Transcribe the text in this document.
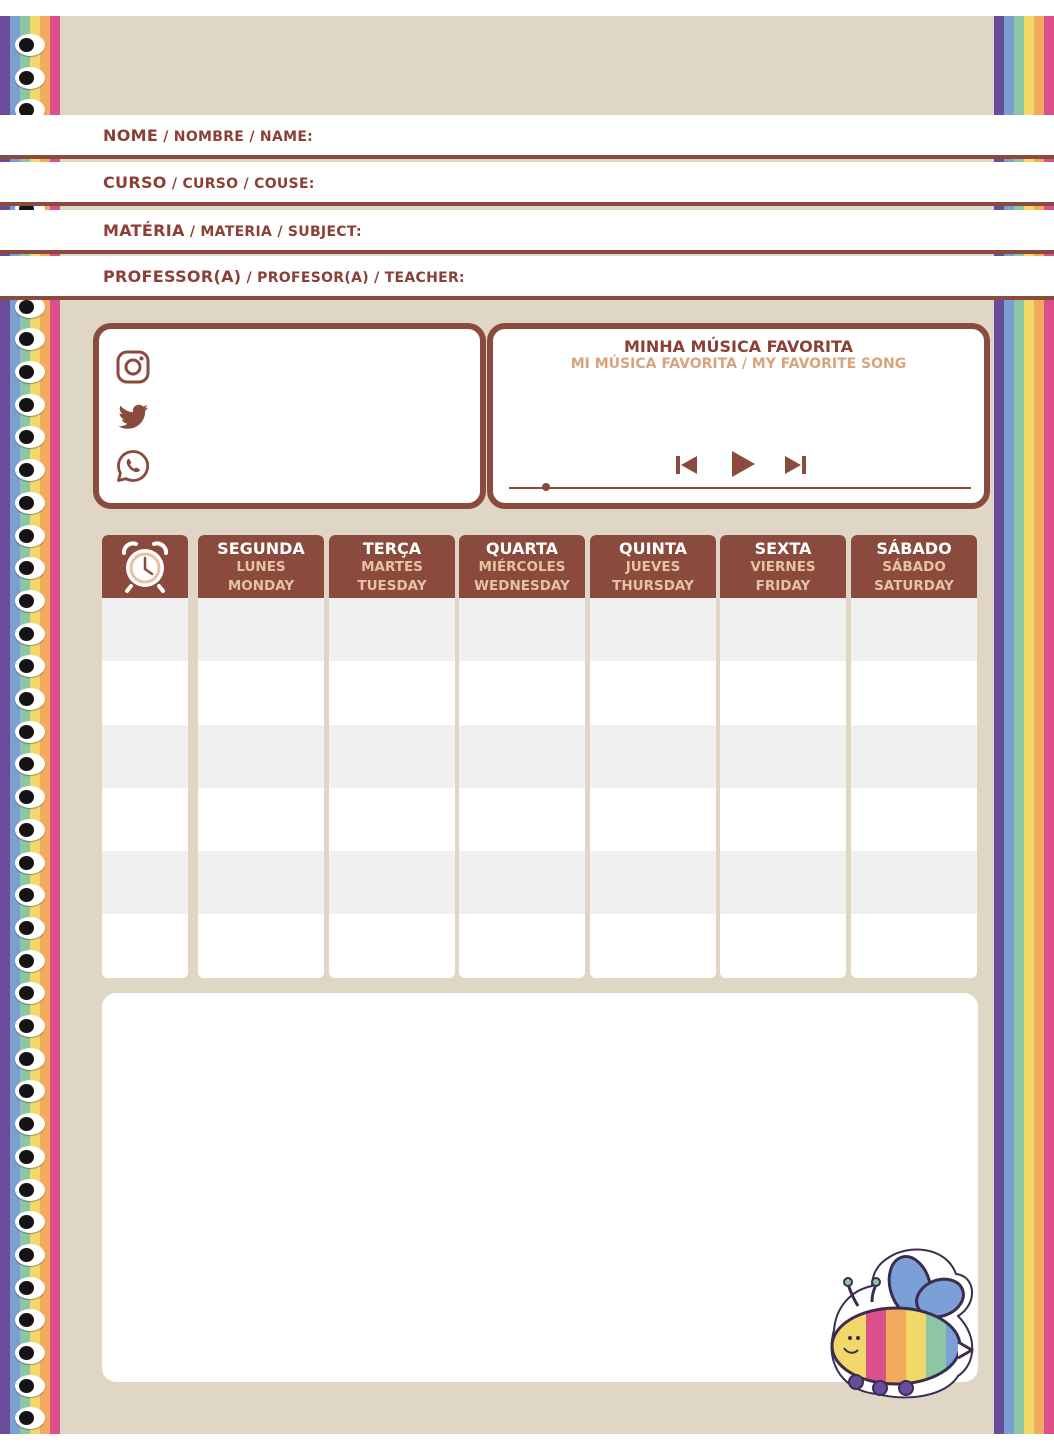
NOME / NOMBRE / NAME:
CURSO / CURSO / COUSE:
MATÉRIA / MATERIA / SUBJECT:
PROFESSOR(A) / PROFESOR(A) / TEACHER:
MINHA MÚSICA FAVORITA
MI MÚSICA FAVORITA / MY FAVORITE SONG
SEGUNDA
LUNES
MONDAY
TERÇA
MARTES
TUESDAY
QUARTA
MIÉRCOLES
WEDNESDAY
QUINTA
JUEVES
THURSDAY
SEXTA
VIERNES
FRIDAY
SÁBADO
SÁBADO
SATURDAY
